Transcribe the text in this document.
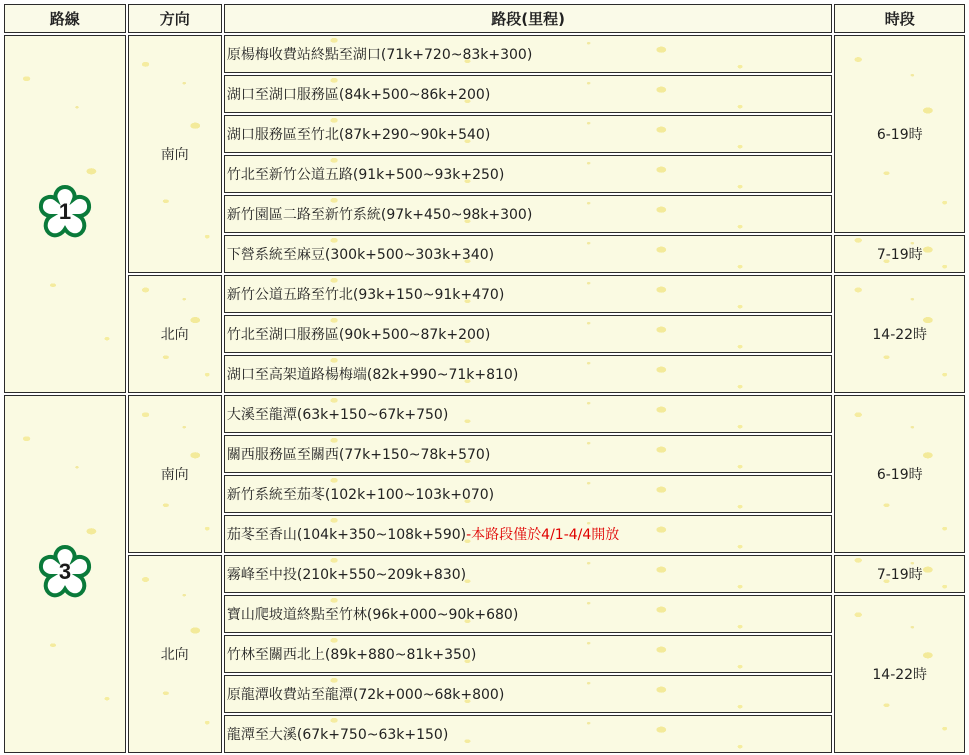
路線	方向	路段(里程)	時段

1	南向	原楊梅收費站終點至湖口(71k+720~83k+300)	6-19時
		湖口至湖口服務區(84k+500~86k+200)	
		湖口服務區至竹北(87k+290~90k+540)	
		竹北至新竹公道五路(91k+500~93k+250)	
		新竹園區二路至新竹系統(97k+450~98k+300)	
		下營系統至麻豆(300k+500~303k+340)	7-19時
	北向	新竹公道五路至竹北(93k+150~91k+470)	14-22時
		竹北至湖口服務區(90k+500~87k+200)	
		湖口至高架道路楊梅端(82k+990~71k+810)	

3	南向	大溪至龍潭(63k+150~67k+750)	6-19時
		關西服務區至關西(77k+150~78k+570)	
		新竹系統至茄苳(102k+100~103k+070)	
		茄苳至香山(104k+350~108k+590)-本路段僅於4/1-4/4開放	
	北向	霧峰至中投(210k+550~209k+830)	7-19時
		寶山爬坡道終點至竹林(96k+000~90k+680)	14-22時
		竹林至關西北上(89k+880~81k+350)	
		原龍潭收費站至龍潭(72k+000~68k+800)	
		龍潭至大溪(67k+750~63k+150)	
